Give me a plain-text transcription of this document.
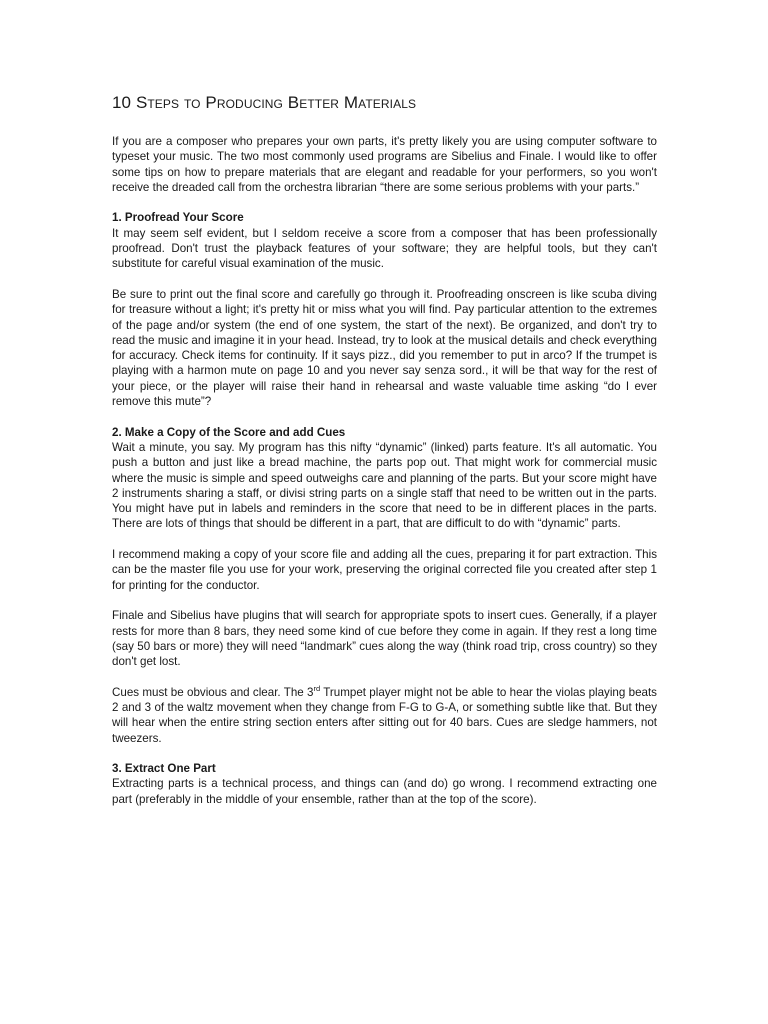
10 Steps to Producing Better Materials

If you are a composer who prepares your own parts, it's pretty likely you are using computer software to typeset your music. The two most commonly used programs are Sibelius and Finale. I would like to offer some tips on how to prepare materials that are elegant and readable for your performers, so you won't receive the dreaded call from the orchestra librarian “there are some serious problems with your parts.”

1. Proofread Your Score

It may seem self evident, but I seldom receive a score from a composer that has been professionally proofread. Don't trust the playback features of your software; they are helpful tools, but they can't substitute for careful visual examination of the music.

Be sure to print out the final score and carefully go through it. Proofreading onscreen is like scuba diving for treasure without a light; it's pretty hit or miss what you will find. Pay particular attention to the extremes of the page and/or system (the end of one system, the start of the next). Be organized, and don't try to read the music and imagine it in your head. Instead, try to look at the musical details and check everything for accuracy. Check items for continuity. If it says pizz., did you remember to put in arco? If the trumpet is playing with a harmon mute on page 10 and you never say senza sord., it will be that way for the rest of your piece, or the player will raise their hand in rehearsal and waste valuable time asking “do I ever remove this mute”?

2. Make a Copy of the Score and add Cues

Wait a minute, you say. My program has this nifty “dynamic” (linked) parts feature. It's all automatic. You push a button and just like a bread machine, the parts pop out. That might work for commercial music where the music is simple and speed outweighs care and planning of the parts. But your score might have 2 instruments sharing a staff, or divisi string parts on a single staff that need to be written out in the parts. You might have put in labels and reminders in the score that need to be in different places in the parts. There are lots of things that should be different in a part, that are difficult to do with “dynamic” parts.

I recommend making a copy of your score file and adding all the cues, preparing it for part extraction. This can be the master file you use for your work, preserving the original corrected file you created after step 1 for printing for the conductor.

Finale and Sibelius have plugins that will search for appropriate spots to insert cues. Generally, if a player rests for more than 8 bars, they need some kind of cue before they come in again. If they rest a long time (say 50 bars or more) they will need “landmark” cues along the way (think road trip, cross country) so they don't get lost.

Cues must be obvious and clear. The 3rd Trumpet player might not be able to hear the violas playing beats 2 and 3 of the waltz movement when they change from F-G to G-A, or something subtle like that. But they will hear when the entire string section enters after sitting out for 40 bars. Cues are sledge hammers, not tweezers.

3. Extract One Part

Extracting parts is a technical process, and things can (and do) go wrong. I recommend extracting one part (preferably in the middle of your ensemble, rather than at the top of the score).
